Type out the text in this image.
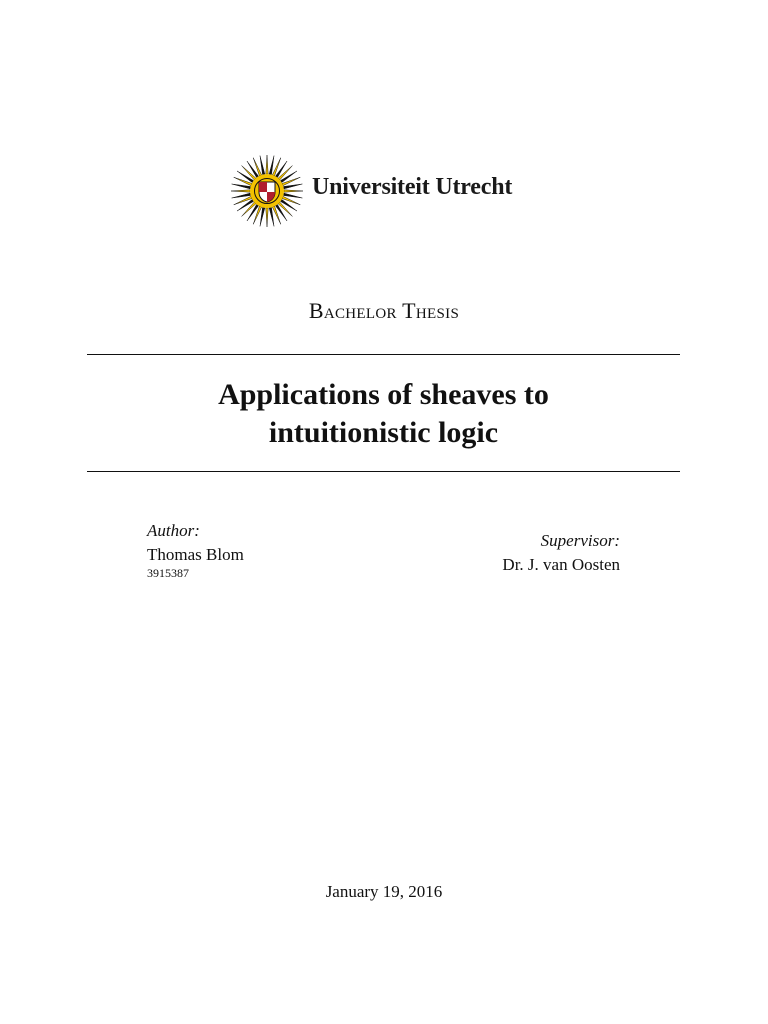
Universiteit Utrecht
Bachelor Thesis
Applications of sheaves to
intuitionistic logic
Author:
Thomas Blom
3915387
Supervisor:
Dr. J. van Oosten
January 19, 2016
